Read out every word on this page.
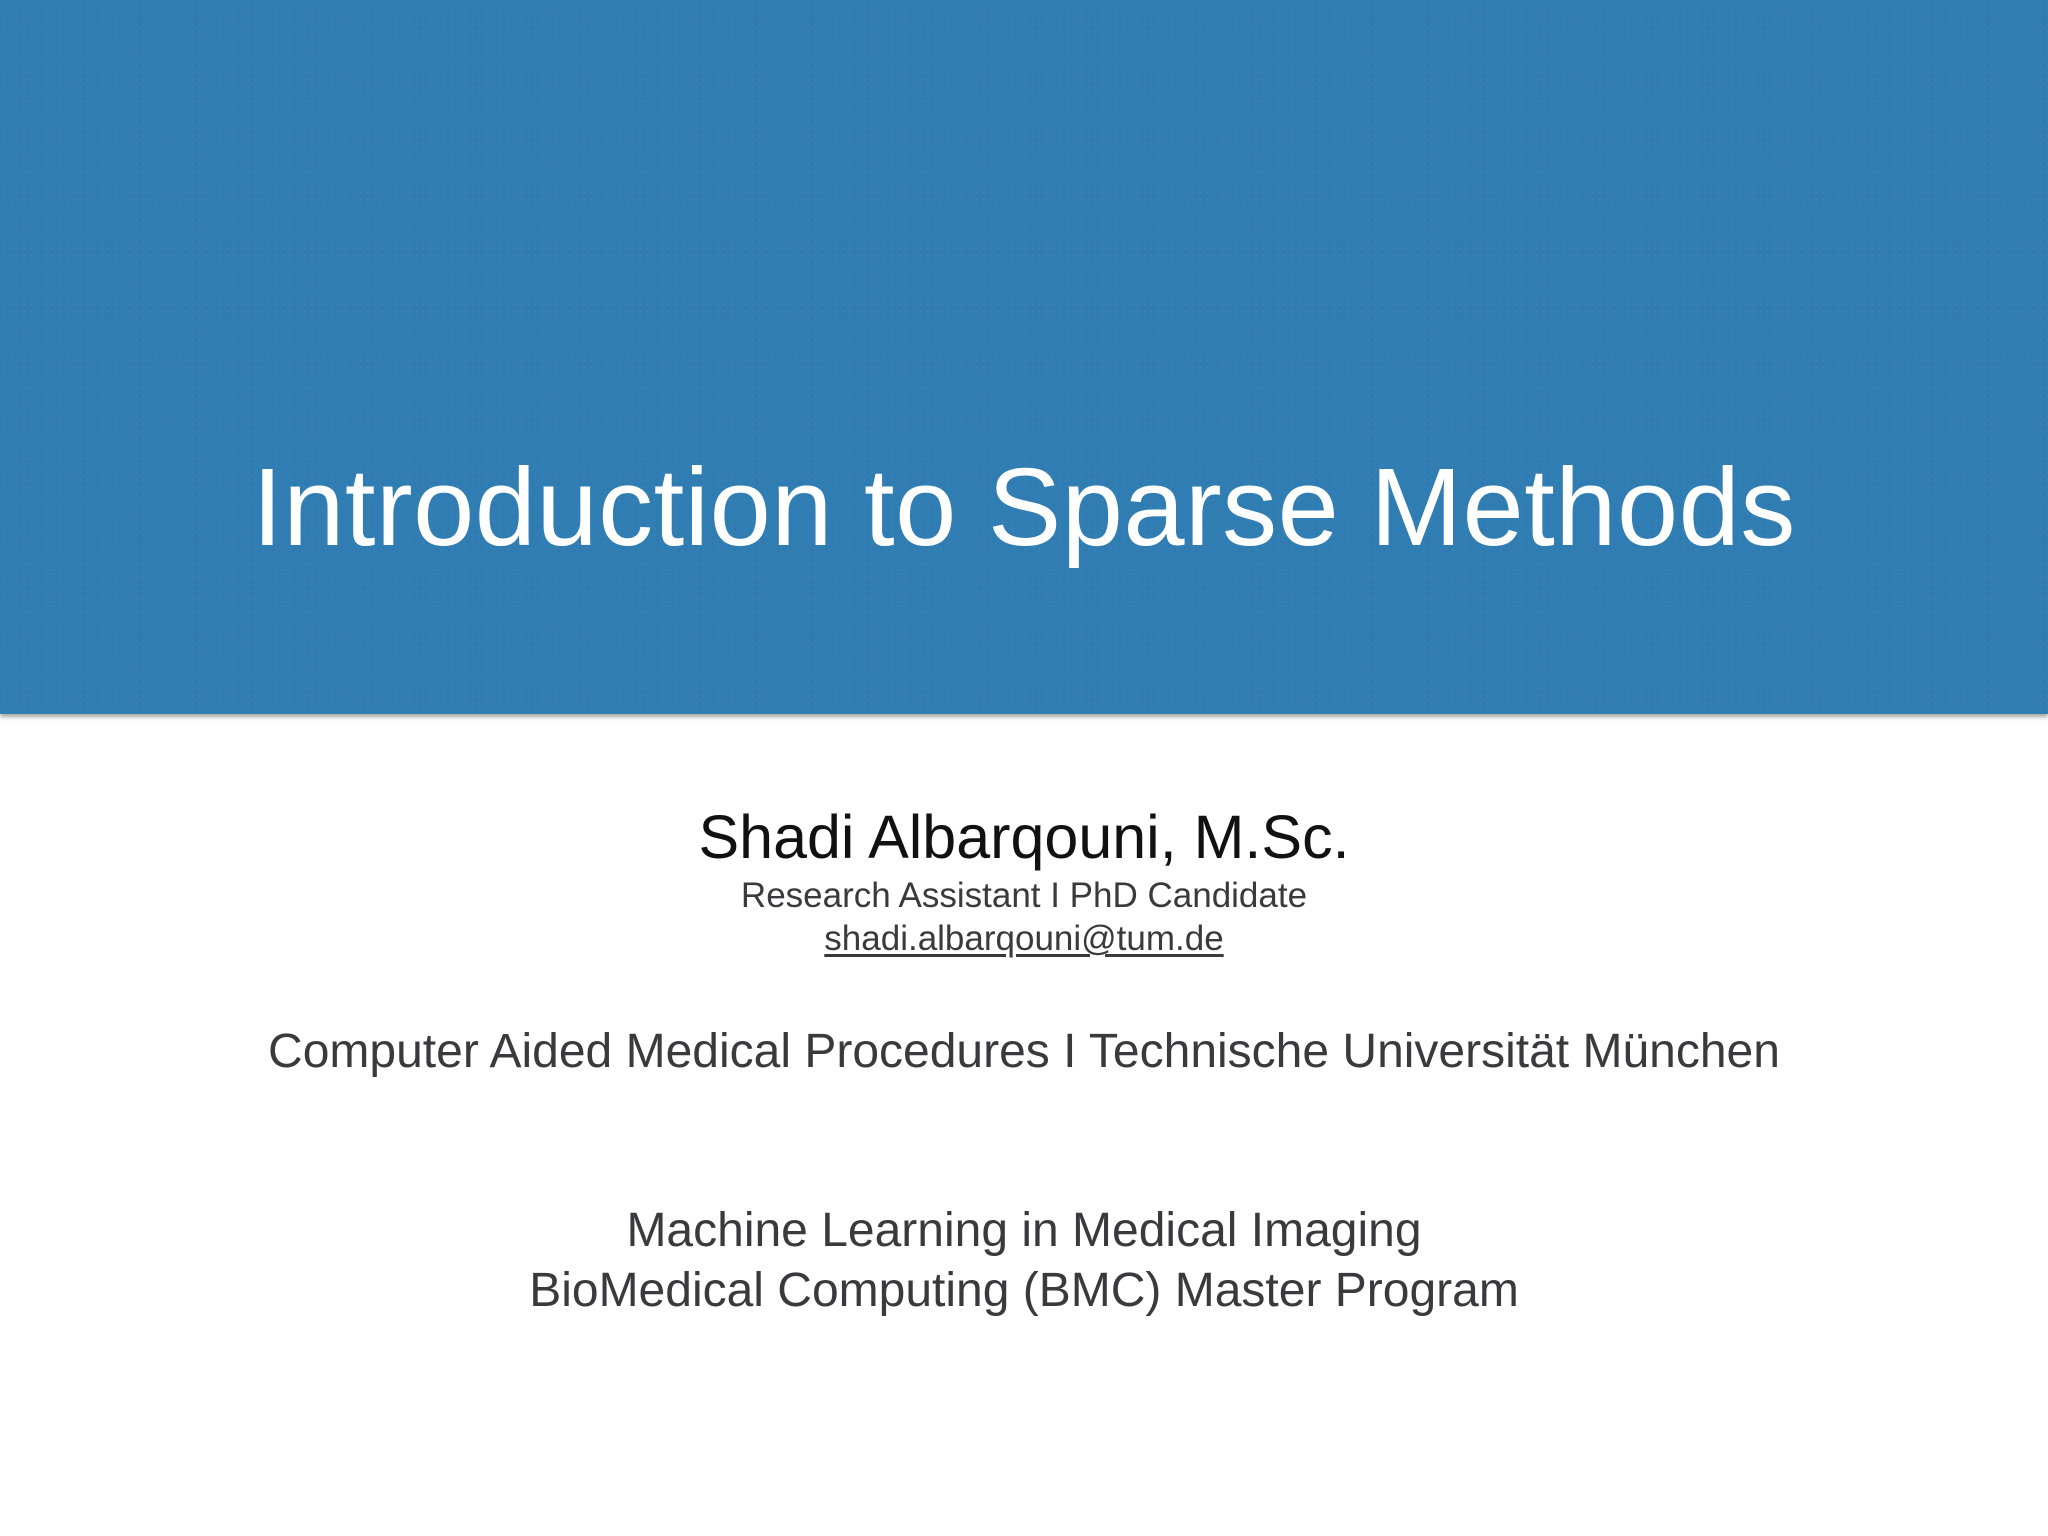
Introduction to Sparse Methods
Shadi Albarqouni, M.Sc.
Research Assistant I PhD Candidate
shadi.albarqouni@tum.de
Computer Aided Medical Procedures I Technische Universität München
Machine Learning in Medical Imaging
BioMedical Computing (BMC) Master Program
